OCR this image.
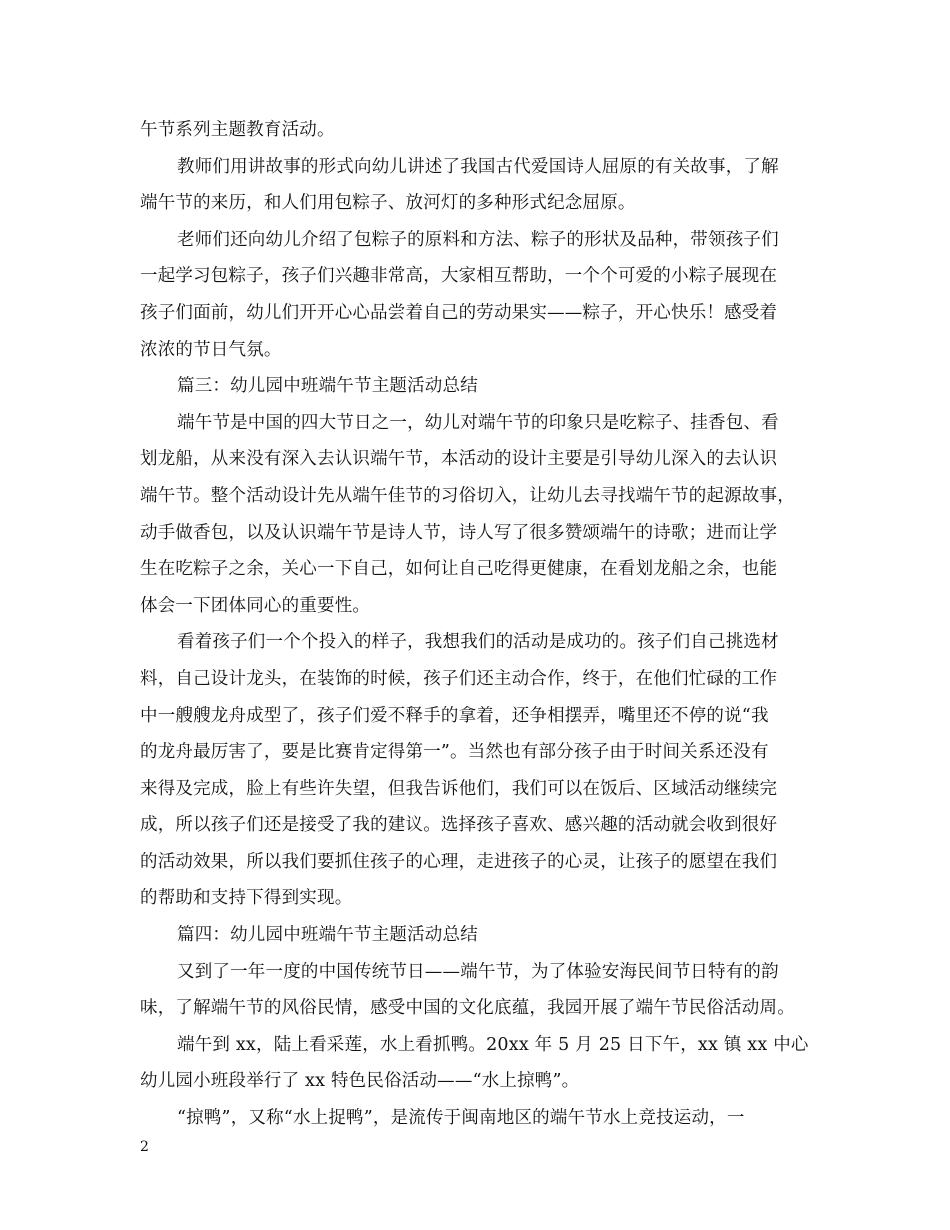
午节系列主题教育活动。
教师们用讲故事的形式向幼儿讲述了我国古代爱国诗人屈原的有关故事，了解
端午节的来历，和人们用包粽子、放河灯的多种形式纪念屈原。
老师们还向幼儿介绍了包粽子的原料和方法、粽子的形状及品种，带领孩子们
一起学习包粽子，孩子们兴趣非常高，大家相互帮助，一个个可爱的小粽子展现在
孩子们面前，幼儿们开开心心品尝着自己的劳动果实——粽子，开心快乐！感受着
浓浓的节日气氛。
篇三：幼儿园中班端午节主题活动总结
端午节是中国的四大节日之一，幼儿对端午节的印象只是吃粽子、挂香包、看
划龙船，从来没有深入去认识端午节，本活动的设计主要是引导幼儿深入的去认识
端午节。整个活动设计先从端午佳节的习俗切入，让幼儿去寻找端午节的起源故事，
动手做香包，以及认识端午节是诗人节，诗人写了很多赞颂端午的诗歌；进而让学
生在吃粽子之余，关心一下自己，如何让自己吃得更健康，在看划龙船之余，也能
体会一下团体同心的重要性。
看着孩子们一个个投入的样子，我想我们的活动是成功的。孩子们自己挑选材
料，自己设计龙头，在装饰的时候，孩子们还主动合作，终于，在他们忙碌的工作
中一艘艘龙舟成型了，孩子们爱不释手的拿着，还争相摆弄，嘴里还不停的说“我
的龙舟最厉害了，要是比赛肯定得第一”。当然也有部分孩子由于时间关系还没有
来得及完成，脸上有些许失望，但我告诉他们，我们可以在饭后、区域活动继续完
成，所以孩子们还是接受了我的建议。选择孩子喜欢、感兴趣的活动就会收到很好
的活动效果，所以我们要抓住孩子的心理，走进孩子的心灵，让孩子的愿望在我们
的帮助和支持下得到实现。
篇四：幼儿园中班端午节主题活动总结
又到了一年一度的中国传统节日——端午节，为了体验安海民间节日特有的韵
味，了解端午节的风俗民情，感受中国的文化底蕴，我园开展了端午节民俗活动周。
端午到 xx，陆上看采莲，水上看抓鸭。20xx 年 5 月 25 日下午，xx 镇 xx 中心
幼儿园小班段举行了 xx 特色民俗活动——“水上掠鸭”。
“掠鸭”，又称“水上捉鸭”，是流传于闽南地区的端午节水上竞技运动，一
2
